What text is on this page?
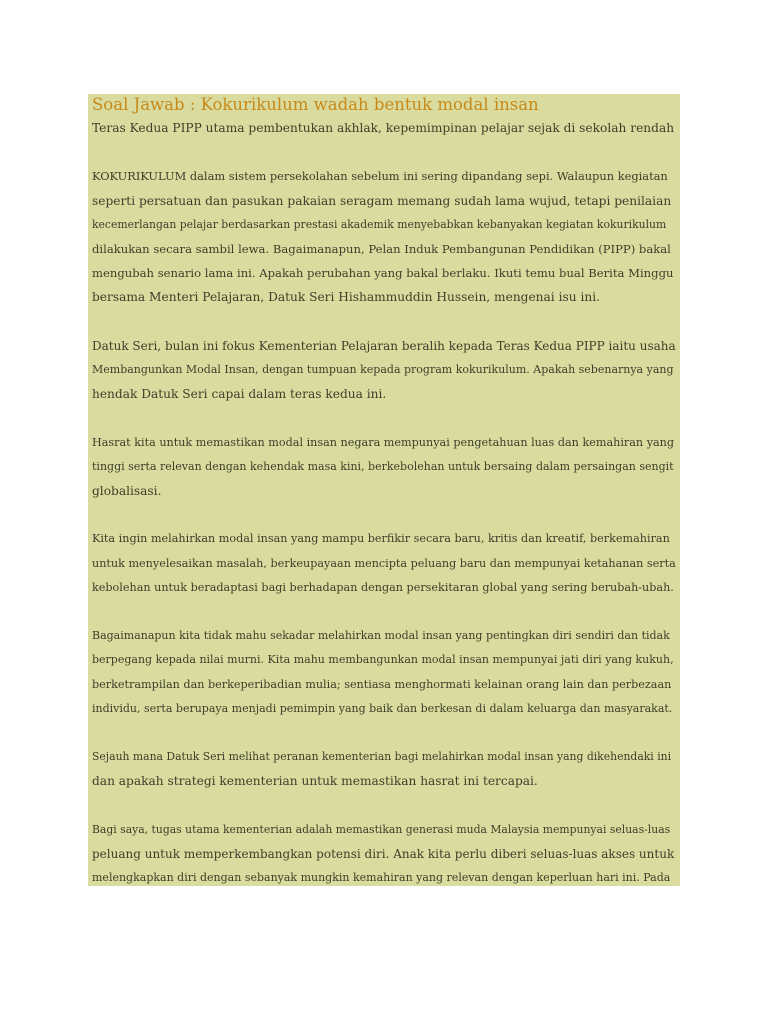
Soal Jawab : Kokurikulum wadah bentuk modal insan

Teras Kedua PIPP utama pembentukan akhlak, kepemimpinan pelajar sejak di sekolah rendah

KOKURIKULUM dalam sistem persekolahan sebelum ini sering dipandang sepi. Walaupun kegiatan
seperti persatuan dan pasukan pakaian seragam memang sudah lama wujud, tetapi penilaian
kecemerlangan pelajar berdasarkan prestasi akademik menyebabkan kebanyakan kegiatan kokurikulum
dilakukan secara sambil lewa. Bagaimanapun, Pelan Induk Pembangunan Pendidikan (PIPP) bakal
mengubah senario lama ini. Apakah perubahan yang bakal berlaku. Ikuti temu bual Berita Minggu
bersama Menteri Pelajaran, Datuk Seri Hishammuddin Hussein, mengenai isu ini.

Datuk Seri, bulan ini fokus Kementerian Pelajaran beralih kepada Teras Kedua PIPP iaitu usaha
Membangunkan Modal Insan, dengan tumpuan kepada program kokurikulum. Apakah sebenarnya yang
hendak Datuk Seri capai dalam teras kedua ini.

Hasrat kita untuk memastikan modal insan negara mempunyai pengetahuan luas dan kemahiran yang
tinggi serta relevan dengan kehendak masa kini, berkebolehan untuk bersaing dalam persaingan sengit
globalisasi.

Kita ingin melahirkan modal insan yang mampu berfikir secara baru, kritis dan kreatif, berkemahiran
untuk menyelesaikan masalah, berkeupayaan mencipta peluang baru dan mempunyai ketahanan serta
kebolehan untuk beradaptasi bagi berhadapan dengan persekitaran global yang sering berubah-ubah.

Bagaimanapun kita tidak mahu sekadar melahirkan modal insan yang pentingkan diri sendiri dan tidak
berpegang kepada nilai murni. Kita mahu membangunkan modal insan mempunyai jati diri yang kukuh,
berketrampilan dan berkeperibadian mulia; sentiasa menghormati kelainan orang lain dan perbezaan
individu, serta berupaya menjadi pemimpin yang baik dan berkesan di dalam keluarga dan masyarakat.

Sejauh mana Datuk Seri melihat peranan kementerian bagi melahirkan modal insan yang dikehendaki ini
dan apakah strategi kementerian untuk memastikan hasrat ini tercapai.

Bagi saya, tugas utama kementerian adalah memastikan generasi muda Malaysia mempunyai seluas-luas
peluang untuk memperkembangkan potensi diri. Anak kita perlu diberi seluas-luas akses untuk
melengkapkan diri dengan sebanyak mungkin kemahiran yang relevan dengan keperluan hari ini. Pada
